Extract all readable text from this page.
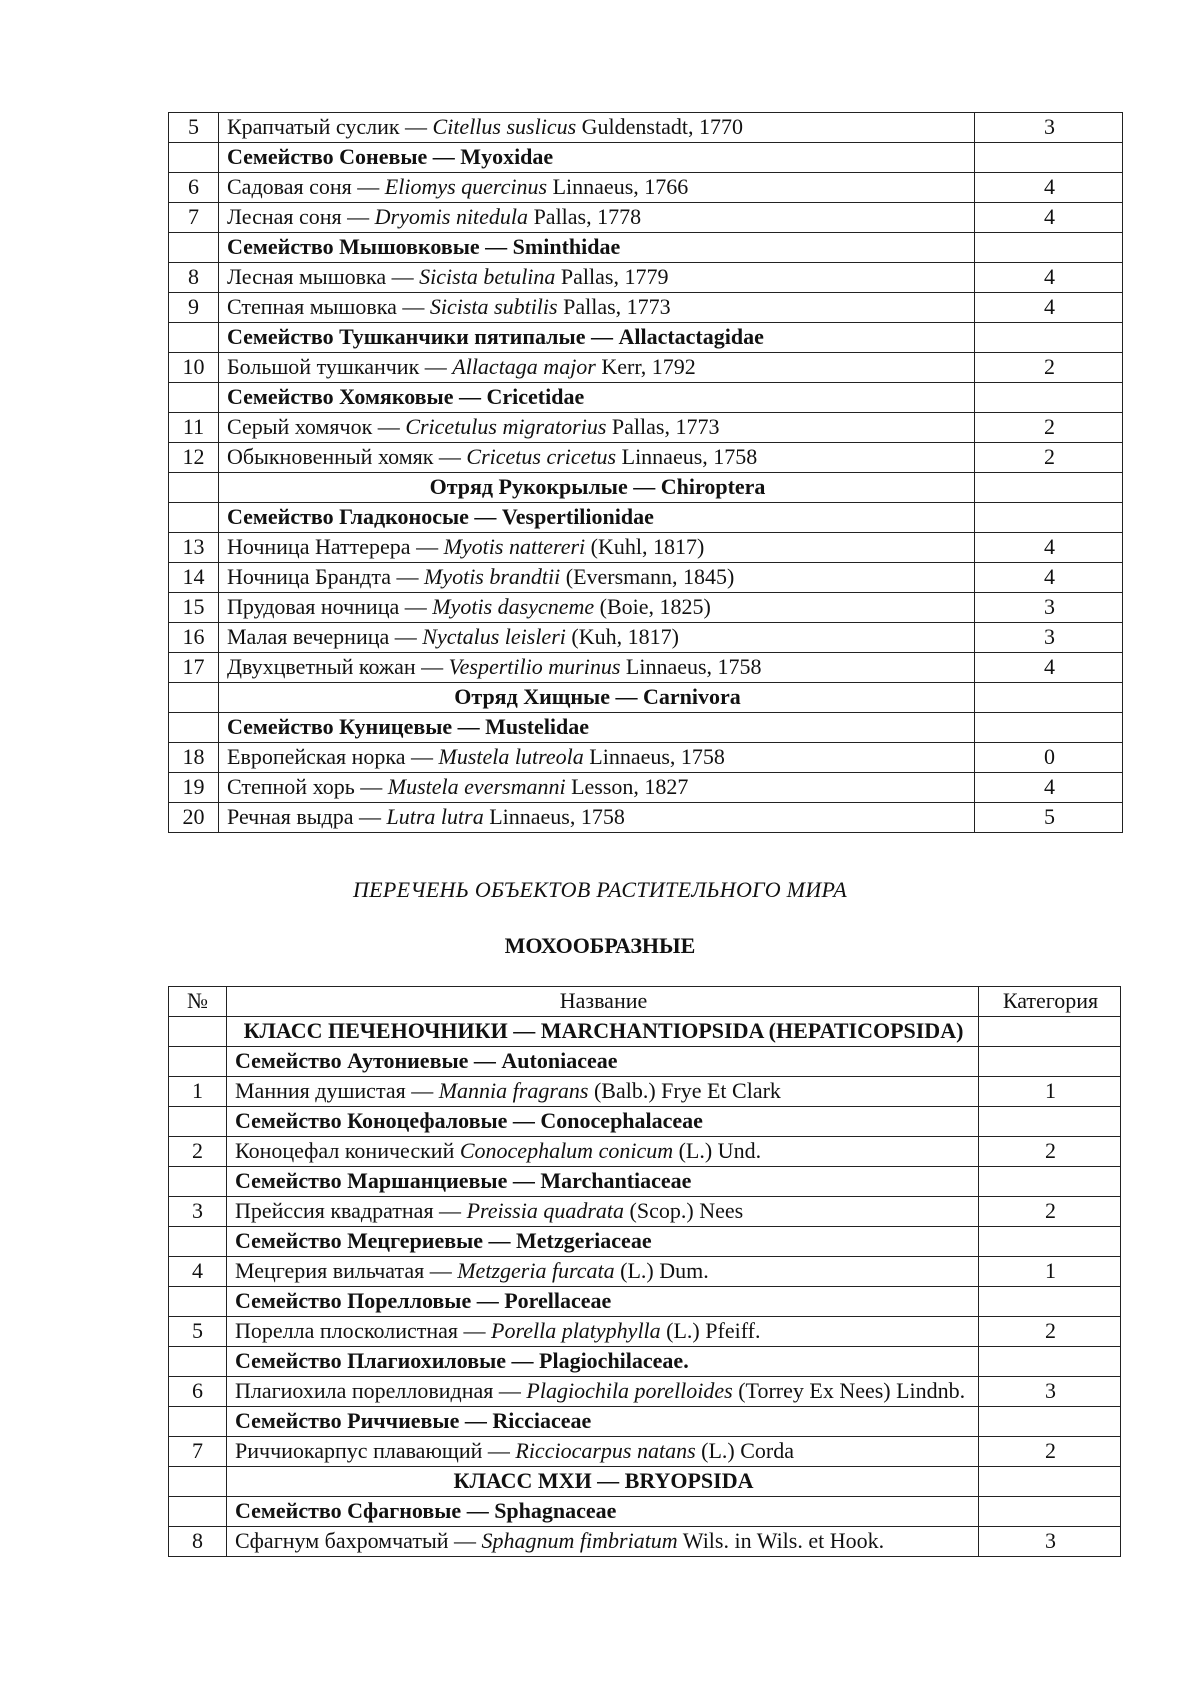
5	Крапчатый суслик — Citellus suslicus Guldenstadt, 1770	3
	Семейство Соневые — Myoxidae	
6	Садовая соня — Eliomys quercinus Linnaeus, 1766	4
7	Лесная соня — Dryomis nitedula Pallas, 1778	4
	Семейство Мышовковые — Sminthidae	
8	Лесная мышовка — Sicista betulina Pallas, 1779	4
9	Степная мышовка — Sicista subtilis Pallas, 1773	4
	Семейство Тушканчики пятипалые — Allactactagidae	
10	Большой тушканчик — Allactaga major Kerr, 1792	2
	Семейство Хомяковые — Cricetidae	
11	Серый хомячок — Cricetulus migratorius Pallas, 1773	2
12	Обыкновенный хомяк — Cricetus cricetus Linnaeus, 1758	2
	Отряд Рукокрылые — Chiroptera	
	Семейство Гладконосые — Vespertilionidae	
13	Ночница Наттерера — Myotis nattereri (Kuhl, 1817)	4
14	Ночница Брандта — Myotis brandtii (Eversmann, 1845)	4
15	Прудовая ночница — Myotis dasycneme (Boie, 1825)	3
16	Малая вечерница — Nyctalus leisleri (Kuh, 1817)	3
17	Двухцветный кожан — Vespertilio murinus Linnaeus, 1758	4
	Отряд Хищные — Carnivora	
	Семейство Куницевые — Mustelidae	
18	Европейская норка — Mustela lutreola Linnaeus, 1758	0
19	Степной хорь — Mustela eversmanni Lesson, 1827	4
20	Речная выдра — Lutra lutra Linnaeus, 1758	5
ПЕРЕЧЕНЬ ОБЪЕКТОВ РАСТИТЕЛЬНОГО МИРА
МОХООБРАЗНЫЕ
№	Название	Категория
	КЛАСС ПЕЧЕНОЧНИКИ — MARCHANTIOPSIDA (HEPATICOPSIDA)	
	Семейство Аутониевые — Autoniaceae	
1	Манния душистая — Mannia fragrans (Balb.) Frye Et Clark	1
	Семейство Коноцефаловые — Conocephalaceae	
2	Коноцефал конический Conocephalum conicum (L.) Und.	2
	Семейство Маршанциевые — Marchantiaceae	
3	Прейссия квадратная — Preissia quadrata (Scop.) Nees	2
	Семейство Мецгериевые — Metzgeriaceae	
4	Мецгерия вильчатая — Metzgeria furcata (L.) Dum.	1
	Семейство Порелловые — Porellaceae	
5	Порелла плосколистная — Porella platyphylla (L.) Pfeiff.	2
	Семейство Плагиохиловые — Plagiochilaceae.	
6	Плагиохила порелловидная — Plagiochila porelloides (Torrey Ex Nees) Lindnb.	3
	Семейство Риччиевые — Ricciaceae	
7	Риччиокарпус плавающий — Ricciocarpus natans (L.) Corda	2
	КЛАСС МХИ — BRYOPSIDA	
	Семейство Сфагновые — Sphagnaceae	
8	Сфагнум бахромчатый — Sphagnum fimbriatum Wils. in Wils. et Hook.	3
